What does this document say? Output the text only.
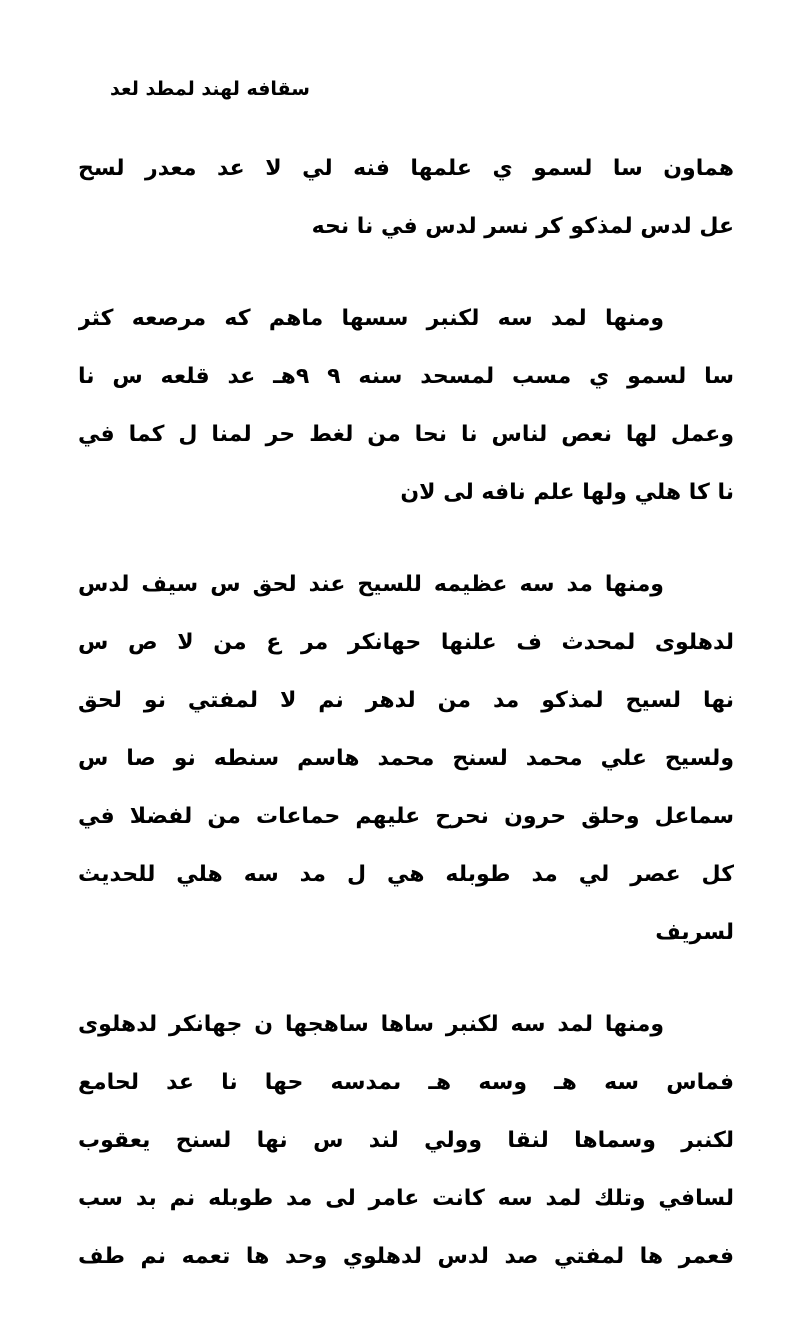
سقافه لهند لمطد لعد
هماون سا لسمو ي علمها فنه لي لا عد معدر لسح
عل لدس لمذكو كر نسر لدس في نا نحه
ومنها لمد سه لكنبر سسها ماهم كه مرصعه كثر
سا لسمو ي مسب لمسحد سنه ٩ ٩هـ عد قلعه س نا
وعمل لها نعص لناس نا نحا من لغط حر لمنا ل كما في
نا كا هلي ولها علم نافه لى لان
ومنها مد سه عظيمه للسيح عند لحق س سيف لدس
لدهلوى لمحدث ف علنها حهانكر مر ع من لا ص س
نها لسيح لمذكو مد من لدهر نم لا لمفتي نو لحق
ولسيح علي محمد لسنح محمد هاسم سنطه نو صا س
سماعل وحلق حرون نحرح عليهم حماعات من لفضلا في
كل عصر لي مد طوبله هي ل مد سه هلي للحديث
لسريف
ومنها لمد سه لكنبر ساها ساهجها ن جهانكر لدهلوى
فماس سه هـ وسه هـ ىمدسه حها نا عد لحامع
لكنبر وسماها لنقا وولي لند س نها لسنح يعقوب
لسافي وتلك لمد سه كانت عامر لى مد طوبله نم بد سب
فعمر ها لمفتي صد لدس لدهلوي وحد ها تعمه نم طف
